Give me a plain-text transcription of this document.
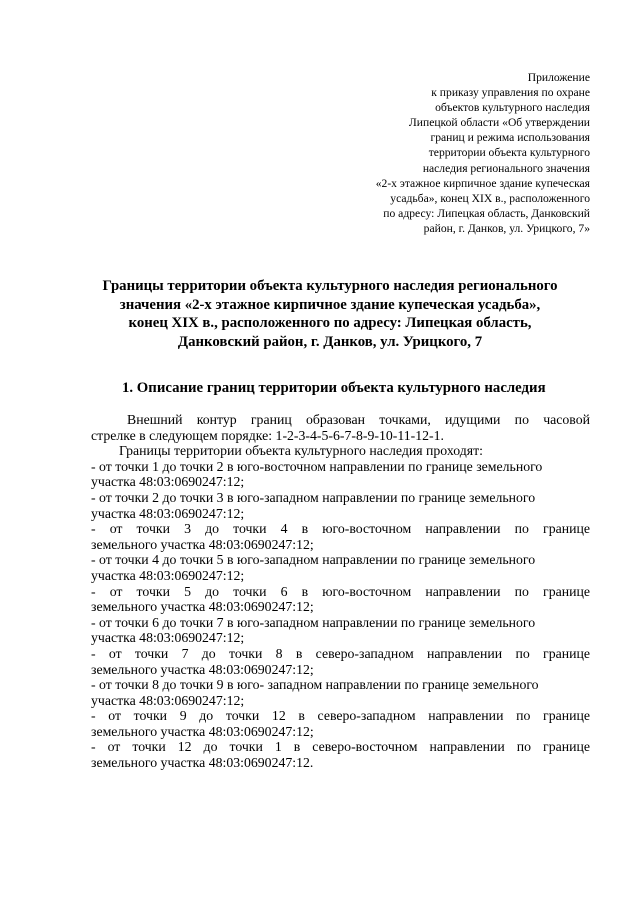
Приложение
к приказу управления по охране
объектов культурного наследия
Липецкой области «Об утверждении
границ и режима использования
территории объекта культурного
наследия регионального значения
«2-х этажное кирпичное здание купеческая
усадьба», конец XIX в., расположенного
по адресу: Липецкая область, Данковский
район, г. Данков, ул. Урицкого, 7»
Границы территории объекта культурного наследия регионального
значения «2-х этажное кирпичное здание купеческая усадьба»,
конец XIX в., расположенного по адресу: Липецкая область,
Данковский район, г. Данков, ул. Урицкого, 7
1. Описание границ территории объекта культурного наследия
Внешний контур границ образован точками, идущими по часовой
стрелке в следующем порядке: 1-2-3-4-5-6-7-8-9-10-11-12-1.
Границы территории объекта культурного наследия проходят:
- от точки 1 до точки 2 в юго-восточном направлении по границе земельного
участка 48:03:0690247:12;
- от точки 2 до точки 3 в юго-западном направлении по границе земельного
участка 48:03:0690247:12;
- от точки 3 до точки 4 в юго-восточном направлении по границе
земельного участка 48:03:0690247:12;
- от точки 4 до точки 5 в юго-западном направлении по границе земельного
участка 48:03:0690247:12;
- от точки 5 до точки 6 в юго-восточном направлении по границе
земельного участка 48:03:0690247:12;
- от точки 6 до точки 7 в юго-западном направлении по границе земельного
участка 48:03:0690247:12;
- от точки 7 до точки 8 в северо-западном направлении по границе
земельного участка 48:03:0690247:12;
- от точки 8 до точки 9 в юго- западном направлении по границе земельного
участка 48:03:0690247:12;
- от точки 9 до точки 12 в северо-западном направлении по границе
земельного участка 48:03:0690247:12;
- от точки 12 до точки 1 в северо-восточном направлении по границе
земельного участка 48:03:0690247:12.
